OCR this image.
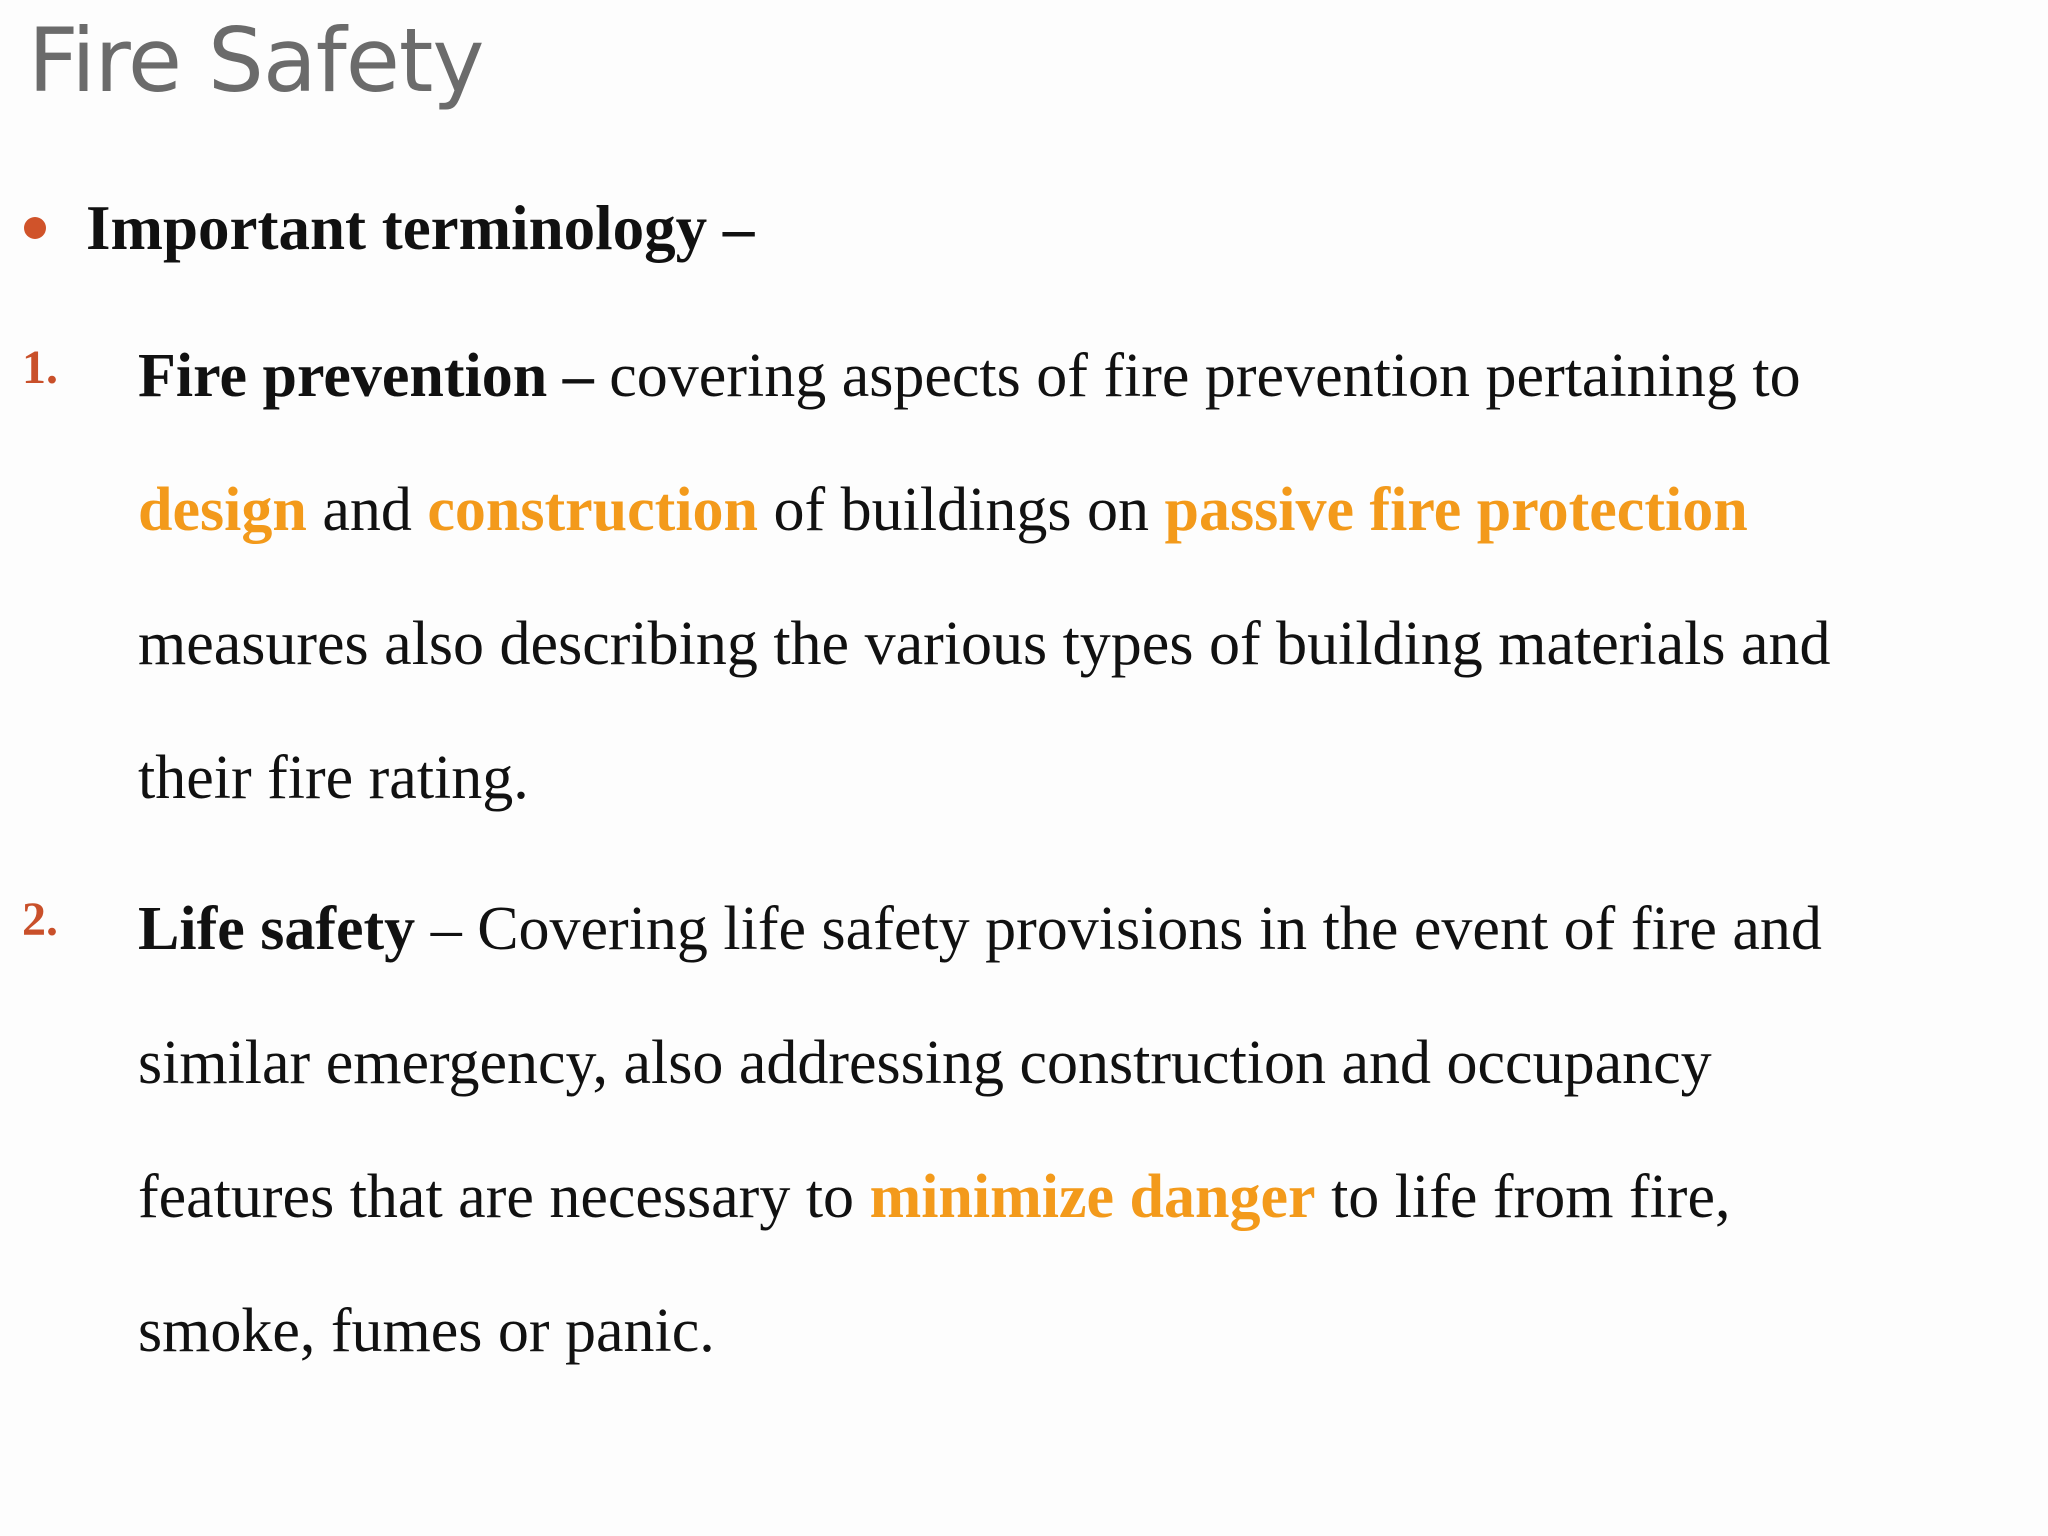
Fire Safety
Important terminology –
1. Fire prevention – covering aspects of fire prevention pertaining to
design and construction of buildings on passive fire protection
measures also describing the various types of building materials and
their fire rating.
2. Life safety – Covering life safety provisions in the event of fire and
similar emergency, also addressing construction and occupancy
features that are necessary to minimize danger to life from fire,
smoke, fumes or panic.
